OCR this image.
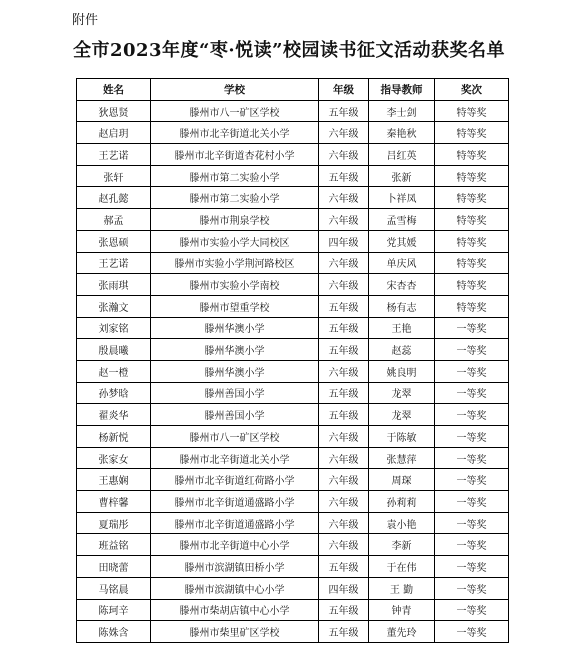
附件
全市2023年度“枣·悦读”校园读书征文活动获奖名单
姓名	学校	年级	指导教师	奖次
狄恩贤	滕州市八一矿区学校	五年级	李士剑	特等奖
赵启玥	滕州市北辛街道北关小学	六年级	秦艳秋	特等奖
王艺诺	滕州市北辛街道杏花村小学	六年级	吕红英	特等奖
张轩	滕州市第二实验小学	五年级	张新	特等奖
赵孔懿	滕州市第二实验小学	六年级	卜祥凤	特等奖
郝孟	滕州市荆泉学校	六年级	孟雪梅	特等奖
张恩硕	滕州市实验小学大同校区	四年级	党其媛	特等奖
王艺诺	滕州市实验小学荆河路校区	六年级	单庆风	特等奖
张雨琪	滕州市实验小学南校	六年级	宋杏杏	特等奖
张瀚文	滕州市望重学校	五年级	杨有志	特等奖
刘家铭	滕州华澳小学	五年级	王艳	一等奖
殷晨曦	滕州华澳小学	五年级	赵蕊	一等奖
赵一橙	滕州华澳小学	六年级	姚良明	一等奖
孙梦晗	滕州善国小学	五年级	龙翠	一等奖
翟炎华	滕州善国小学	五年级	龙翠	一等奖
杨新悦	滕州市八一矿区学校	六年级	于陈敏	一等奖
张家女	滕州市北辛街道北关小学	六年级	张慧萍	一等奖
王惠娴	滕州市北辛街道红荷路小学	六年级	周琛	一等奖
曹梓馨	滕州市北辛街道通盛路小学	六年级	孙莉莉	一等奖
夏瑞彤	滕州市北辛街道通盛路小学	六年级	袁小艳	一等奖
班益铭	滕州市北辛街道中心小学	六年级	李新	一等奖
田晓蕾	滕州市滨湖镇田桥小学	五年级	于在伟	一等奖
马铭晨	滕州市滨湖镇中心小学	四年级	王 勤	一等奖
陈珂辛	滕州市柴胡店镇中心小学	五年级	钟青	一等奖
陈姝含	滕州市柴里矿区学校	五年级	董先玲	一等奖
